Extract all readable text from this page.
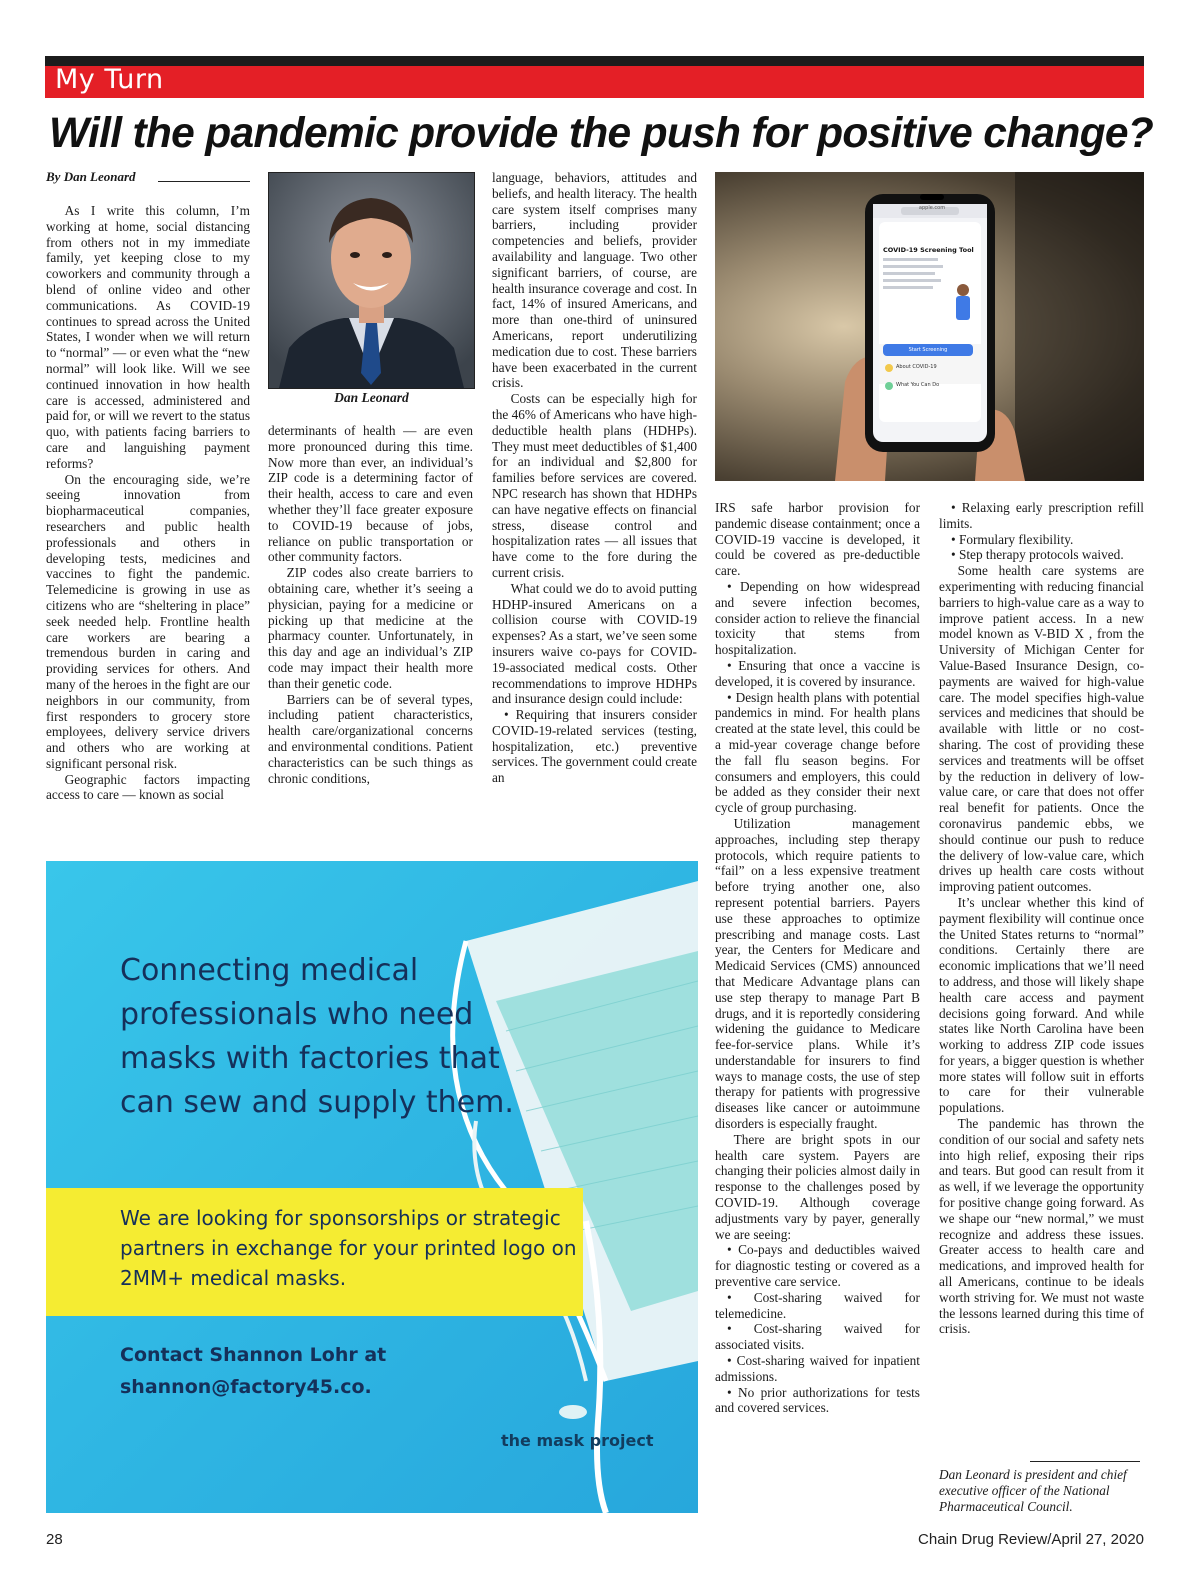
My Turn
Will the pandemic provide the push for positive change?
By Dan Leonard

As I write this column, I’m working at home, social distancing from others not in my immediate family, yet keeping close to my coworkers and community through a blend of online video and other communications. As COVID-19 continues to spread across the United States, I wonder when we will return to “normal” — or even what the “new normal” will look like. Will we see continued innovation in how health care is accessed, administered and paid for, or will we revert to the status quo, with patients facing barriers to care and languishing payment reforms?

On the encouraging side, we’re seeing innovation from biopharmaceutical companies, researchers and public health professionals and others in developing tests, medicines and vaccines to fight the pandemic. Telemedicine is growing in use as citizens who are “sheltering in place” seek needed help. Frontline health care workers are bearing a tremendous burden in caring and providing services for others. And many of the heroes in the fight are our neighbors in our community, from first responders to grocery store employees, delivery service drivers and others who are working at significant personal risk.

Geographic factors impacting access to care — known as social

Dan Leonard

determinants of health — are even more pronounced during this time. Now more than ever, an individual’s ZIP code is a determining factor of their health, access to care and even whether they’ll face greater exposure to COVID-19 because of jobs, reliance on public transportation or other community factors.

ZIP codes also create barriers to obtaining care, whether it’s seeing a physician, paying for a medicine or picking up that medicine at the pharmacy counter. Unfortunately, in this day and age an individual’s ZIP code may impact their health more than their genetic code.

Barriers can be of several types, including patient characteristics, health care/organizational concerns and environmental conditions. Patient characteristics can be such things as chronic conditions,

language, behaviors, attitudes and beliefs, and health literacy. The health care system itself comprises many barriers, including provider competencies and beliefs, provider availability and language. Two other significant barriers, of course, are health insurance coverage and cost. In fact, 14% of insured Americans, and more than one-third of uninsured Americans, report underutilizing medication due to cost. These barriers have been exacerbated in the current crisis.

Costs can be especially high for the 46% of Americans who have high-deductible health plans (HDHPs). They must meet deductibles of $1,400 for an individual and $2,800 for families before services are covered. NPC research has shown that HDHPs can have negative effects on financial stress, disease control and hospitalization rates — all issues that have come to the fore during the current crisis.

What could we do to avoid putting HDHP-insured Americans on a collision course with COVID-19 expenses? As a start, we’ve seen some insurers waive co-pays for COVID-19-associated medical costs. Other recommendations to improve HDHPs and insurance design could include:

• Requiring that insurers consider COVID-19-related services (testing, hospitalization, etc.) preventive services. The government could create an

apple.com
COVID-19 Screening Tool
Start Screening
About COVID-19
What You Can Do

IRS safe harbor provision for pandemic disease containment; once a COVID-19 vaccine is developed, it could be covered as pre-deductible care.

• Depending on how widespread and severe infection becomes, consider action to relieve the financial toxicity that stems from hospitalization.

• Ensuring that once a vaccine is developed, it is covered by insurance.

• Design health plans with potential pandemics in mind. For health plans created at the state level, this could be a mid-year coverage change before the fall flu season begins. For consumers and employers, this could be added as they consider their next cycle of group purchasing.

Utilization management approaches, including step therapy protocols, which require patients to “fail” on a less expensive treatment before trying another one, also represent potential barriers. Payers use these approaches to optimize prescribing and manage costs. Last year, the Centers for Medicare and Medicaid Services (CMS) announced that Medicare Advantage plans can use step therapy to manage Part B drugs, and it is reportedly considering widening the guidance to Medicare fee-for-service plans. While it’s understandable for insurers to find ways to manage costs, the use of step therapy for patients with progressive diseases like cancer or autoimmune disorders is especially fraught.

There are bright spots in our health care system. Payers are changing their policies almost daily in response to the challenges posed by COVID-19. Although coverage adjustments vary by payer, generally we are seeing:

• Co-pays and deductibles waived for diagnostic testing or covered as a preventive care service.

• Cost-sharing waived for telemedicine.

• Cost-sharing waived for associated visits.

• Cost-sharing waived for inpatient admissions.

• No prior authorizations for tests and covered services.

• Relaxing early prescription refill limits.

• Formulary flexibility.

• Step therapy protocols waived.

Some health care systems are experimenting with reducing financial barriers to high-value care as a way to improve patient access. In a new model known as V-BID X , from the University of Michigan Center for Value-Based Insurance Design, co-payments are waived for high-value care. The model specifies high-value services and medicines that should be available with little or no cost-sharing. The cost of providing these services and treatments will be offset by the reduction in delivery of low-value care, or care that does not offer real benefit for patients. Once the coronavirus pandemic ebbs, we should continue our push to reduce the delivery of low-value care, which drives up health care costs without improving patient outcomes.

It’s unclear whether this kind of payment flexibility will continue once the United States returns to “normal” conditions. Certainly there are economic implications that we’ll need to address, and those will likely shape health care access and payment decisions going forward. And while states like North Carolina have been working to address ZIP code issues for years, a bigger question is whether more states will follow suit in efforts to care for their vulnerable populations.

The pandemic has thrown the condition of our social and safety nets into high relief, exposing their rips and tears. But good can result from it as well, if we leverage the opportunity for positive change going forward. As we shape our “new normal,” we must recognize and address these issues. Greater access to health care and medications, and improved health for all Americans, continue to be ideals worth striving for. We must not waste the lessons learned during this time of crisis.

Dan Leonard is president and chief executive officer of the National Pharmaceutical Council.

Connecting medical professionals who need masks with factories that can sew and supply them.

We are looking for sponsorships or strategic partners in exchange for your printed logo on 2MM+ medical masks.

Contact Shannon Lohr at
shannon@factory45.co.
the mask project
28	Chain Drug Review/April 27, 2020
